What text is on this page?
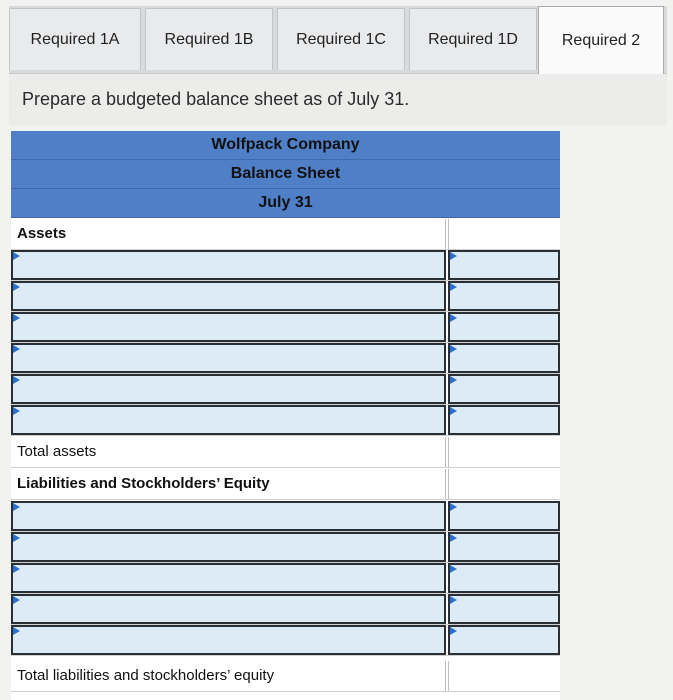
Required 1A	Required 1B	Required 1C	Required 1D	Required 2
Prepare a budgeted balance sheet as of July 31.
Wolfpack Company
Balance Sheet
July 31
Assets
Total assets
Liabilities and Stockholders’ Equity
Total liabilities and stockholders’ equity
